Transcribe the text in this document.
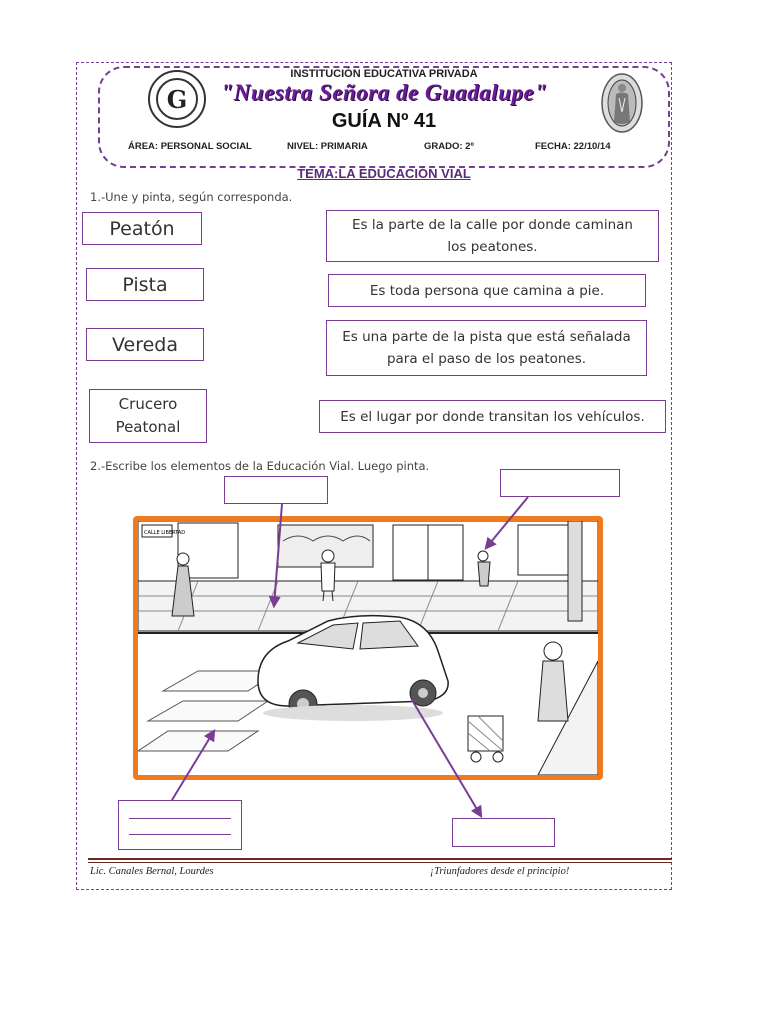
G
INSTITUCIÓN EDUCATIVA PRIVADA
"Nuestra Señora de Guadalupe"
GUÍA Nº 41
ÁREA: PERSONAL SOCIAL	NIVEL: PRIMARIA	GRADO: 2º	FECHA: 22/10/14
TEMA:LA EDUCACIÓN VIAL
1.-Une y pinta, según corresponda.
Peatón
Pista
Vereda
Crucero
Peatonal
Es la parte de la calle por donde caminan
los peatones.
Es toda persona que camina a pie.
Es una parte de la pista que está señalada
para el paso de los peatones.
Es el lugar por donde transitan los vehículos.
2.-Escribe los elementos de la Educación Vial. Luego pinta.
CALLE LIBERTAD
Lic. Canales Bernal, Lourdes	¡Triunfadores desde el principio!
